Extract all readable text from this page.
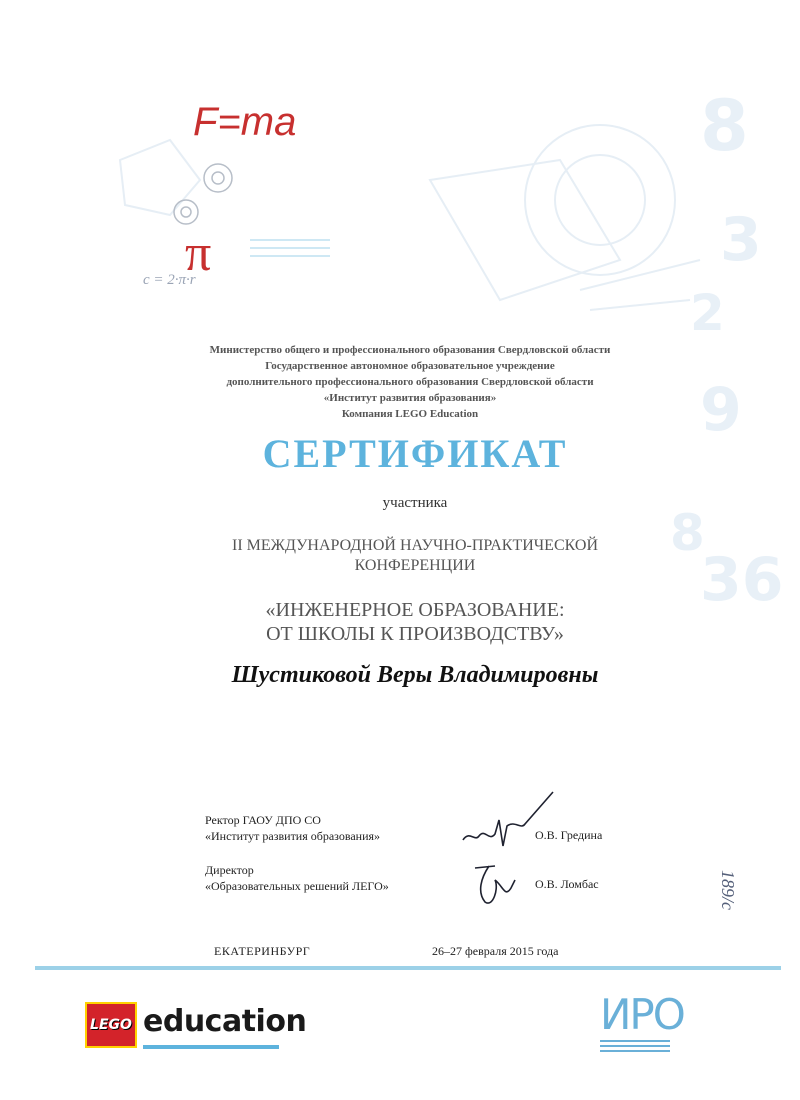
8
3
2
9
8
36
F=ma
π
c = 2·π·r
Министерство общего и профессионального образования Свердловской области
Государственное автономное образовательное учреждение
дополнительного профессионального образования Свердловской области
«Институт развития образования»
Компания LEGO Education
СЕРТИФИКАТ
участника
II МЕЖДУНАРОДНОЙ НАУЧНО-ПРАКТИЧЕСКОЙ
КОНФЕРЕНЦИИ
«ИНЖЕНЕРНОЕ ОБРАЗОВАНИЕ:
ОТ ШКОЛЫ К ПРОИЗВОДСТВУ»
Шустиковой Веры Владимировны
Ректор ГАОУ ДПО СО
«Институт развития образования»	О.В. Гредина
Директор
«Образовательных решений ЛЕГО»	О.В. Ломбас	189/с
ЕКАТЕРИНБУРГ	26–27 февраля 2015 года
LEGO education	ИРО
